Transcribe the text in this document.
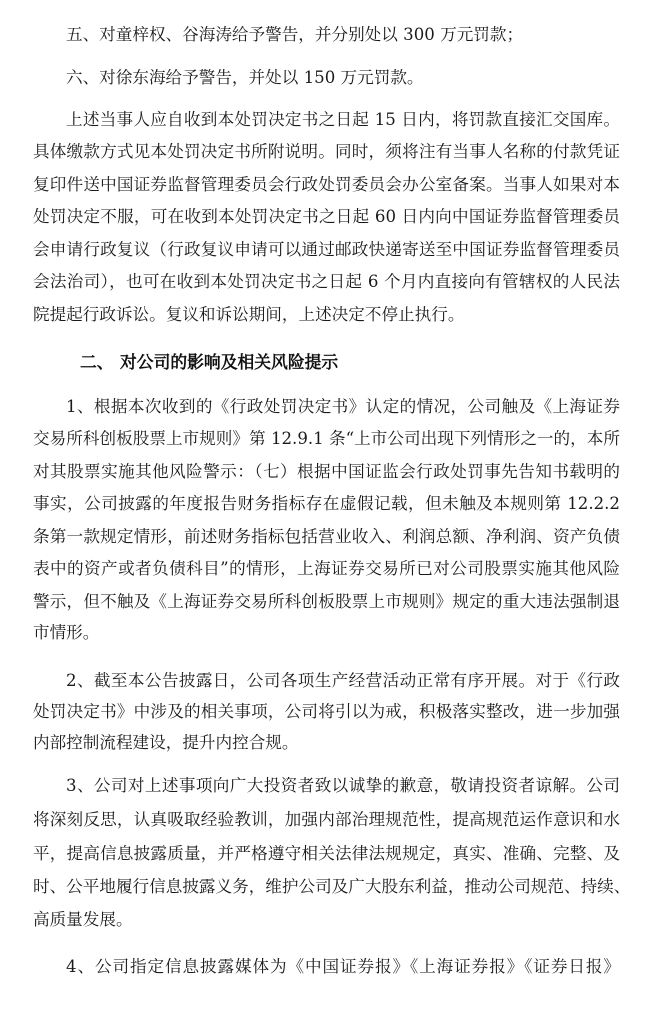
五、对童梓权、谷海涛给予警告，并分别处以 300 万元罚款；
六、对徐东海给予警告，并处以 150 万元罚款。
上述当事人应自收到本处罚决定书之日起 15 日内，将罚款直接汇交国库。
具体缴款方式见本处罚决定书所附说明。同时，须将注有当事人名称的付款凭证
复印件送中国证券监督管理委员会行政处罚委员会办公室备案。当事人如果对本
处罚决定不服，可在收到本处罚决定书之日起 60 日内向中国证券监督管理委员
会申请行政复议（行政复议申请可以通过邮政快递寄送至中国证券监督管理委员
会法治司），也可在收到本处罚决定书之日起 6 个月内直接向有管辖权的人民法
院提起行政诉讼。复议和诉讼期间，上述决定不停止执行。
二、 对公司的影响及相关风险提示
1、根据本次收到的《行政处罚决定书》认定的情况，公司触及《上海证券
交易所科创板股票上市规则》第 12.9.1 条“上市公司出现下列情形之一的，本所
对其股票实施其他风险警示：（七）根据中国证监会行政处罚事先告知书载明的
事实，公司披露的年度报告财务指标存在虚假记载，但未触及本规则第 12.2.2
条第一款规定情形，前述财务指标包括营业收入、利润总额、净利润、资产负债
表中的资产或者负债科目”的情形，上海证券交易所已对公司股票实施其他风险
警示，但不触及《上海证券交易所科创板股票上市规则》规定的重大违法强制退
市情形。
2、截至本公告披露日，公司各项生产经营活动正常有序开展。对于《行政
处罚决定书》中涉及的相关事项，公司将引以为戒，积极落实整改，进一步加强
内部控制流程建设，提升内控合规。
3、公司对上述事项向广大投资者致以诚挚的歉意，敬请投资者谅解。公司
将深刻反思，认真吸取经验教训，加强内部治理规范性，提高规范运作意识和水
平，提高信息披露质量，并严格遵守相关法律法规规定，真实、准确、完整、及
时、公平地履行信息披露义务，维护公司及广大股东利益，推动公司规范、持续、
高质量发展。
4、公司指定信息披露媒体为《中国证券报》《上海证券报》《证券日报》
